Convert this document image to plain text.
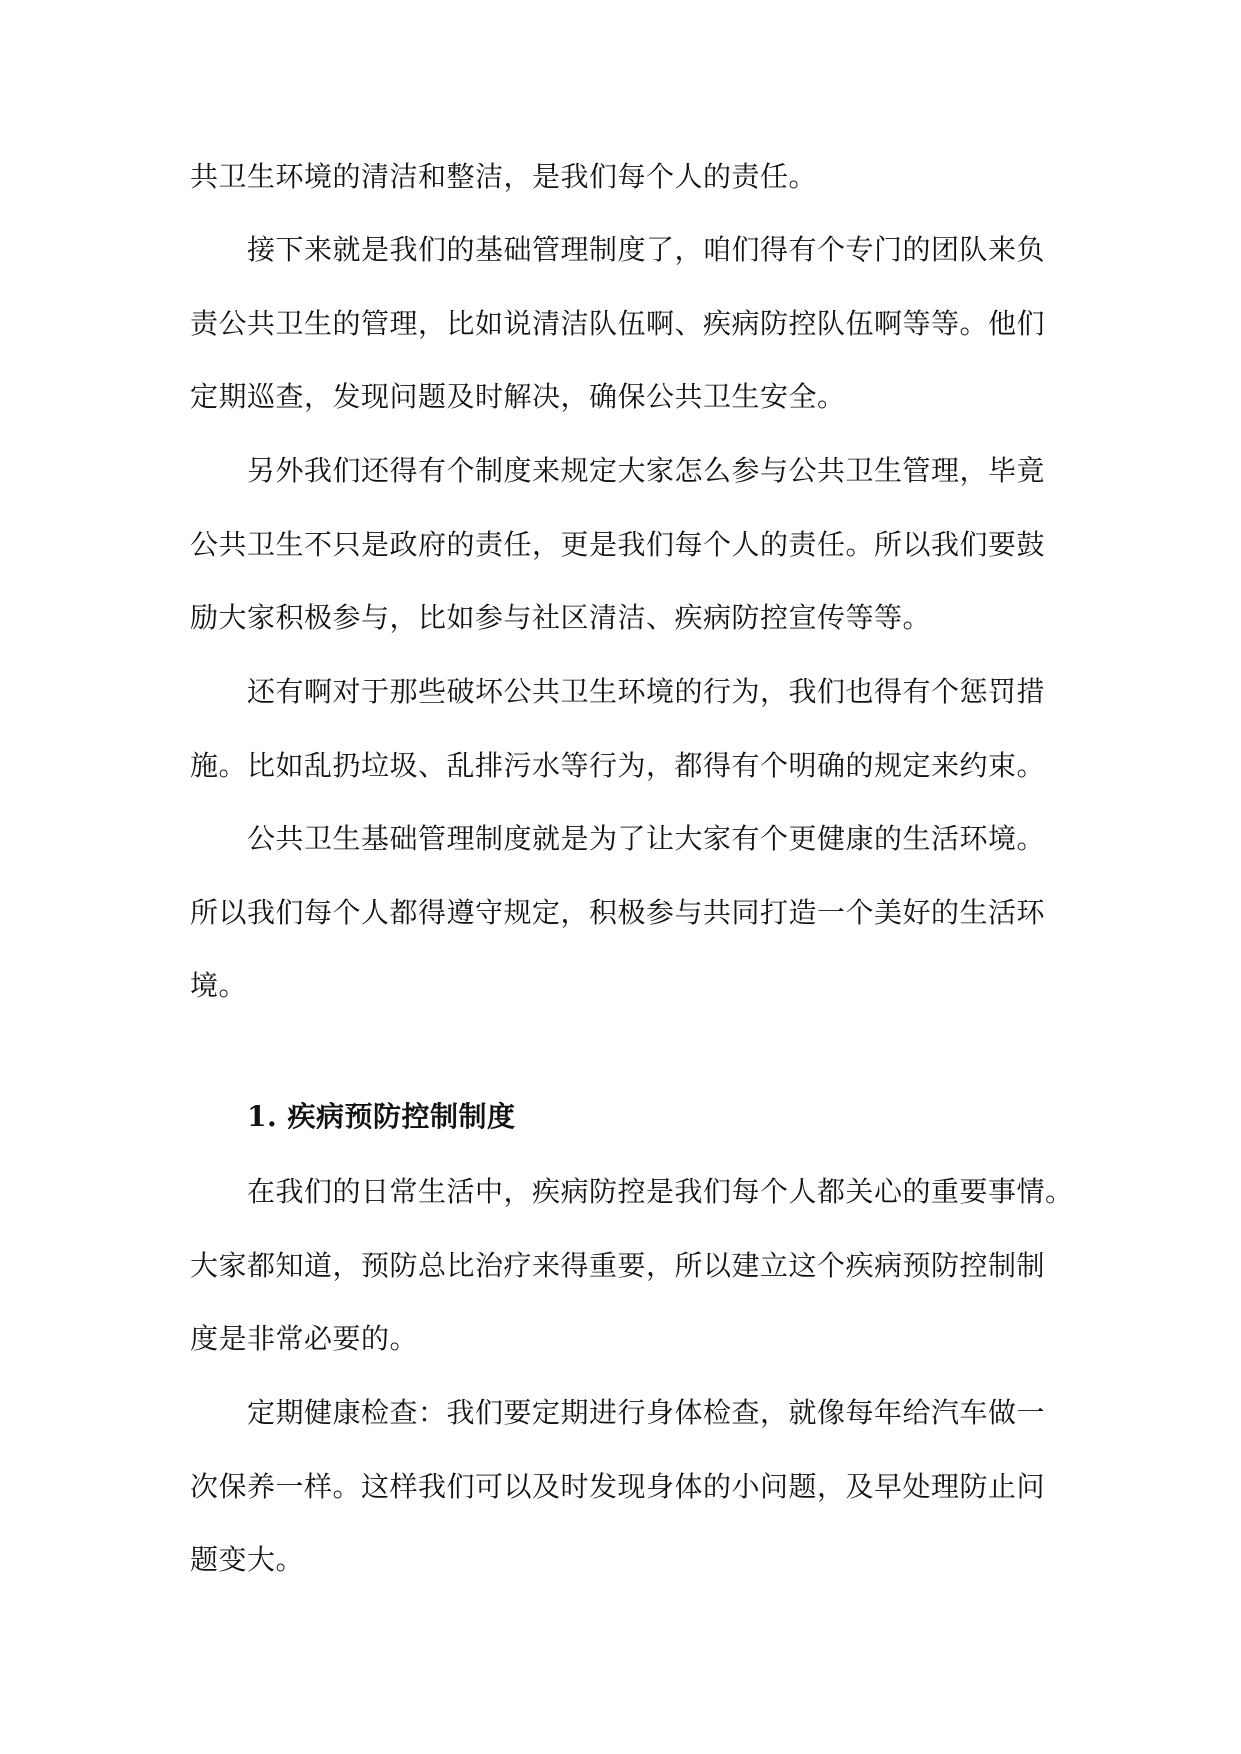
共卫生环境的清洁和整洁，是我们每个人的责任。
接下来就是我们的基础管理制度了，咱们得有个专门的团队来负
责公共卫生的管理，比如说清洁队伍啊、疾病防控队伍啊等等。他们
定期巡查，发现问题及时解决，确保公共卫生安全。
另外我们还得有个制度来规定大家怎么参与公共卫生管理，毕竟
公共卫生不只是政府的责任，更是我们每个人的责任。所以我们要鼓
励大家积极参与，比如参与社区清洁、疾病防控宣传等等。
还有啊对于那些破坏公共卫生环境的行为，我们也得有个惩罚措
施。比如乱扔垃圾、乱排污水等行为，都得有个明确的规定来约束。
公共卫生基础管理制度就是为了让大家有个更健康的生活环境。
所以我们每个人都得遵守规定，积极参与共同打造一个美好的生活环
境。
1. 疾病预防控制制度
在我们的日常生活中，疾病防控是我们每个人都关心的重要事情。
大家都知道，预防总比治疗来得重要，所以建立这个疾病预防控制制
度是非常必要的。
定期健康检查：我们要定期进行身体检查，就像每年给汽车做一
次保养一样。这样我们可以及时发现身体的小问题，及早处理防止问
题变大。
